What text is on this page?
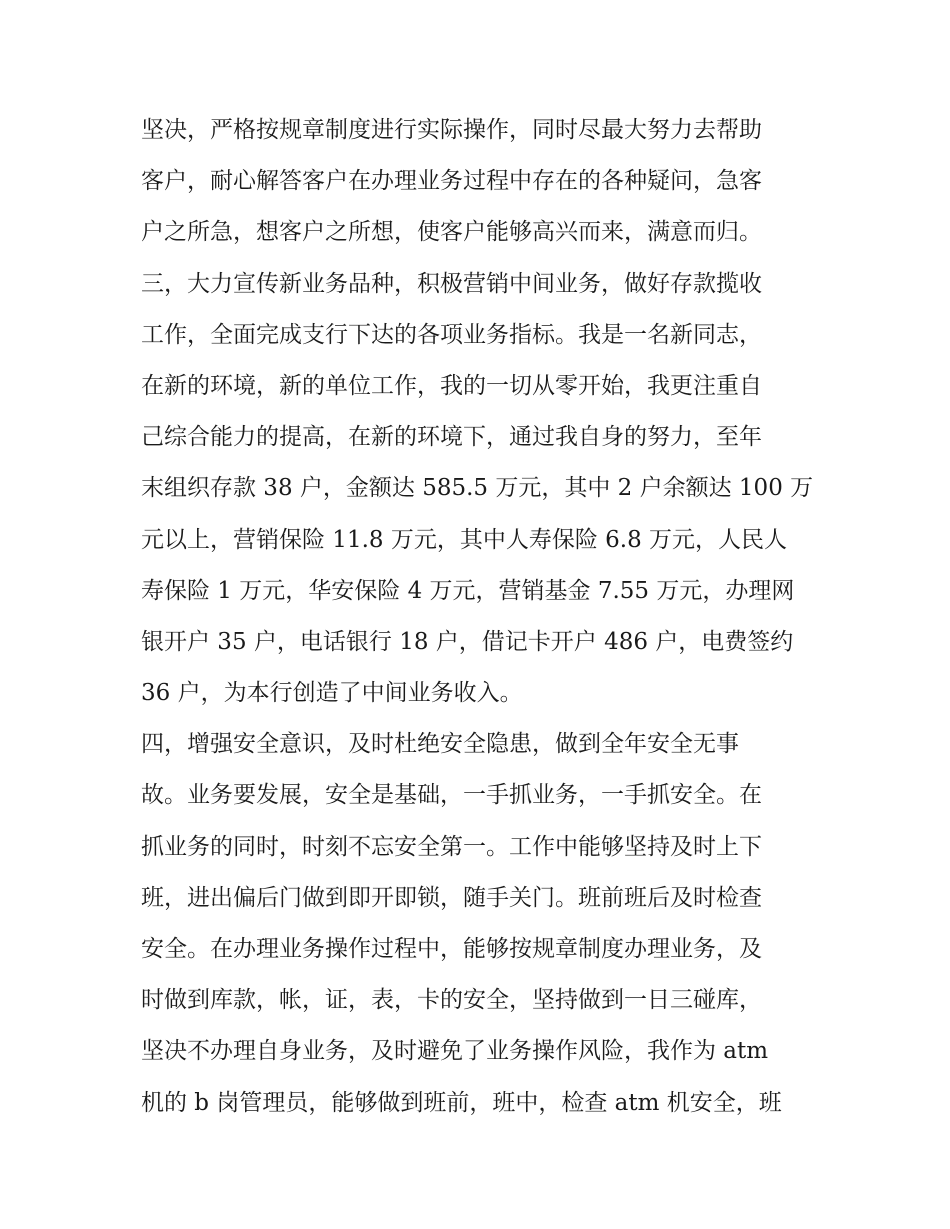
坚决，严格按规章制度进行实际操作，同时尽最大努力去帮助
客户，耐心解答客户在办理业务过程中存在的各种疑问，急客
户之所急，想客户之所想，使客户能够高兴而来，满意而归。
三，大力宣传新业务品种，积极营销中间业务，做好存款揽收
工作，全面完成支行下达的各项业务指标。我是一名新同志，
在新的环境，新的单位工作，我的一切从零开始，我更注重自
己综合能力的提高，在新的环境下，通过我自身的努力，至年
末组织存款 38 户，金额达 585.5 万元，其中 2 户余额达 100 万
元以上，营销保险 11.8 万元，其中人寿保险 6.8 万元，人民人
寿保险 1 万元，华安保险 4 万元，营销基金 7.55 万元，办理网
银开户 35 户，电话银行 18 户，借记卡开户 486 户，电费签约
36 户，为本行创造了中间业务收入。
四，增强安全意识，及时杜绝安全隐患，做到全年安全无事
故。业务要发展，安全是基础，一手抓业务，一手抓安全。在
抓业务的同时，时刻不忘安全第一。工作中能够坚持及时上下
班，进出偏后门做到即开即锁，随手关门。班前班后及时检查
安全。在办理业务操作过程中，能够按规章制度办理业务，及
时做到库款，帐，证，表，卡的安全，坚持做到一日三碰库，
坚决不办理自身业务，及时避免了业务操作风险，我作为 atm
机的 b 岗管理员，能够做到班前，班中，检查 atm 机安全，班
